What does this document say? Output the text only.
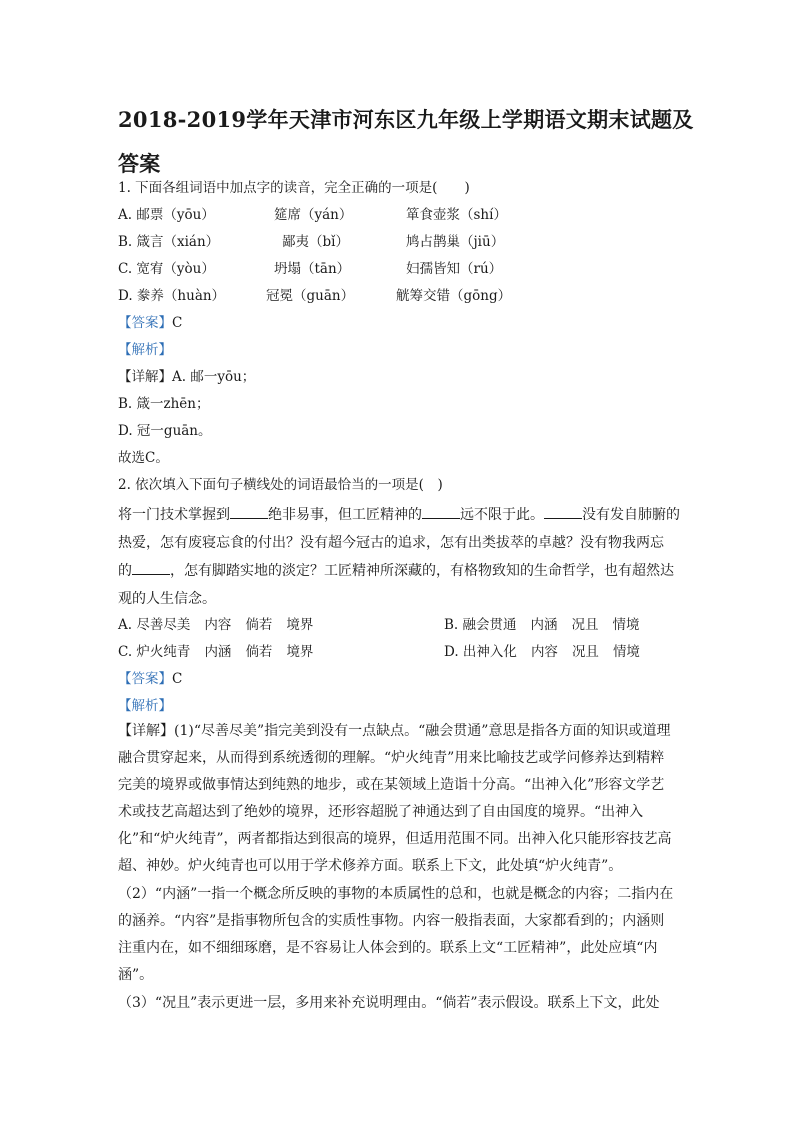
2018-2019学年天津市河东区九年级上学期语文期末试题及答案
1. 下面各组词语中加点字的读音，完全正确的一项是(　　)
A. 邮票（yōu）	筵席（yán）	箪食壶浆（shí）
B. 箴言（xián）	鄙夷（bǐ）	鸠占鹊巢（jiū）
C. 宽宥（yòu）	坍塌（tān）	妇孺皆知（rú）
D. 豢养（huàn）	冠冕（guān）	觥筹交错（gōng）
【答案】C
【解析】
【详解】A. 邮一yōu；
B. 箴一zhēn；
D. 冠一guān。
故选C。
2. 依次填入下面句子横线处的词语最恰当的一项是(　)
将一门技术掌握到	绝非易事，但工匠精神的	远不限于此。	没有发自肺腑的
热爱，怎有废寝忘食的付出？没有超今冠古的追求，怎有出类拔萃的卓越？没有物我两忘
的	，怎有脚踏实地的淡定？工匠精神所深藏的，有格物致知的生命哲学，也有超然达
观的人生信念。
A. 尽善尽美 内容 倘若 境界	B. 融会贯通 内涵 况且 情境
C. 炉火纯青 内涵 倘若 境界	D. 出神入化 内容 况且 情境
【答案】C
【解析】
【详解】(1)“尽善尽美”指完美到没有一点缺点。“融会贯通”意思是指各方面的知识或道理融合贯穿起来，从而得到系统透彻的理解。“炉火纯青”用来比喻技艺或学问修养达到精粹完美的境界或做事情达到纯熟的地步，或在某领域上造诣十分高。“出神入化”形容文学艺术或技艺高超达到了绝妙的境界，还形容超脱了神通达到了自由国度的境界。“出神入化”和“炉火纯青”，两者都指达到很高的境界，但适用范围不同。出神入化只能形容技艺高超、神妙。炉火纯青也可以用于学术修养方面。联系上下文，此处填“炉火纯青”。
（2）“内涵”一指一个概念所反映的事物的本质属性的总和，也就是概念的内容；二指内在的涵养。“内容”是指事物所包含的实质性事物。内容一般指表面，大家都看到的；内涵则注重内在，如不细细琢磨，是不容易让人体会到的。联系上文“工匠精神”，此处应填“内涵”。
（3）“况且”表示更进一层，多用来补充说明理由。“倘若”表示假设。联系上下文，此处
